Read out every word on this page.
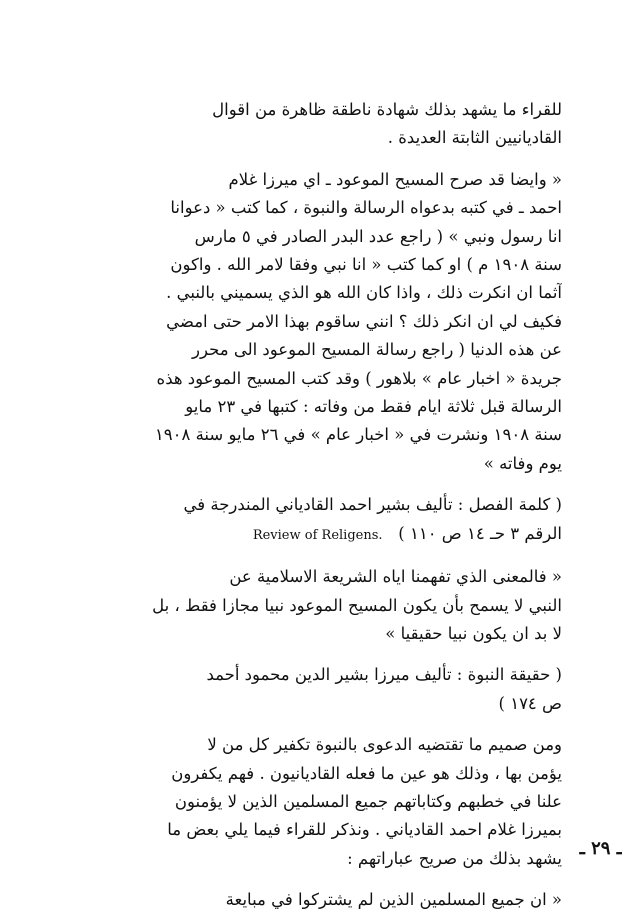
للقراء ما يشهد بذلك شهادة ناطقة ظاهرة من اقوال
القاديانيين الثابتة العديدة .
« وايضا قد صرح المسيح الموعود ـ اي ميرزا غلام
احمد ـ في كتبه بدعواه الرسالة والنبوة ، كما كتب « دعوانا
انا رسول ونبي » ( راجع عدد البدر الصادر في ٥ مارس
سنة ١٩٠٨ م ) او كما كتب « انا نبي وفقا لامر الله . واكون
آثما ان انكرت ذلك ، واذا كان الله هو الذي يسميني بالنبي .
فكيف لي ان انكر ذلك ؟ انني ساقوم بهذا الامر حتى امضي
عن هذه الدنيا ( راجع رسالة المسيح الموعود الى محرر
جريدة « اخبار عام » بلاهور ) وقد كتب المسيح الموعود هذه
الرسالة قبل ثلاثة ايام فقط من وفاته : كتبها في ٢٣ مايو
سنة ١٩٠٨ ونشرت في « اخبار عام » في ٢٦ مايو سنة ١٩٠٨
يوم وفاته »
( كلمة الفصل : تأليف بشير احمد القادياني المندرجة في
الرقم ٣ حـ ١٤ ص ١١٠ )   Review of Religens.
« فالمعنى الذي تفهمنا اياه الشريعة الاسلامية عن
النبي لا يسمح بأن يكون المسيح الموعود نبيا مجازا فقط ، بل
لا بد ان يكون نبيا حقيقيا »
( حقيقة النبوة : تأليف ميرزا بشير الدين محمود أحمد
ص ١٧٤ )
ومن صميم ما تقتضيه الدعوى بالنبوة تكفير كل من لا
يؤمن بها ، وذلك هو عين ما فعله القاديانيون . فهم يكفرون
علنا في خطبهم وكتاباتهم جميع المسلمين الذين لا يؤمنون
بميرزا غلام احمد القادياني . ونذكر للقراء فيما يلي بعض ما
يشهد بذلك من صريح عباراتهم :
« ان جميع المسلمين الذين لم يشتركوا في مبايعة
ـ ٢٩ ـ
